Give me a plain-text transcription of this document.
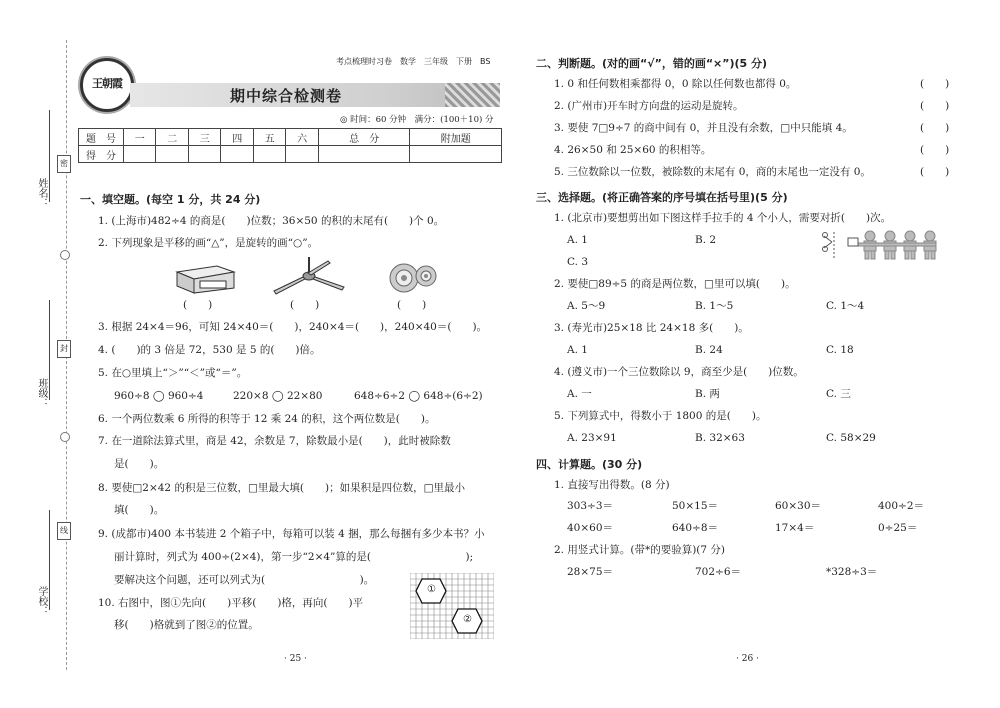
姓名：
班级：
学校：
密
封
线
王朝霞
考点梳理时习卷　数学　三年级　下册　BS
期中综合检测卷
◎ 时间：60 分钟　满分：(100＋10) 分
题　号	一	二	三	四	五	六	总　分	附加题
得　分								
一、填空题。(每空 1 分，共 24 分)
1. (上海市)482÷4 的商是(　　)位数；36×50 的积的末尾有(　　)个 0。
2. 下列现象是平移的画“△”，是旋转的画“○”。
(　　)	(　　)	(　　)
3. 根据 24×4＝96，可知 24×40＝(　　)，240×4＝(　　)，240×40＝(　　)。
4. (　　)的 3 倍是 72，530 是 5 的(　　)倍。
5. 在○里填上“＞”“＜”或“＝”。
960÷8 ◯ 960÷4	220×8 ◯ 22×80	648÷6÷2 ◯ 648÷(6÷2)
6. 一个两位数乘 6 所得的积等于 12 乘 24 的积，这个两位数是(　　)。
7. 在一道除法算式里，商是 42，余数是 7，除数最小是(　　)，此时被除数
是(　　)。
8. 要使□2×42 的积是三位数，□里最大填(　　)；如果积是四位数，□里最小
填(　　)。
9. (成都市)400 本书装进 2 个箱子中，每箱可以装 4 捆，那么每捆有多少本书？小
丽计算时，列式为 400÷(2×4)，第一步“2×4”算的是(　　　　　　　　　);
要解决这个问题，还可以列式为(　　　　　　　　　)。
10. 右图中，图①先向(　　)平移(　　)格，再向(　　)平
移(　　)格就到了图②的位置。
①
②
· 25 ·
二、判断题。(对的画“√”，错的画“×”)(5 分)
1. 0 和任何数相乘都得 0，0 除以任何数也都得 0。
2. (广州市)开车时方向盘的运动是旋转。
3. 要使 7□9÷7 的商中间有 0，并且没有余数，□中只能填 4。
4. 26×50 和 25×60 的积相等。
5. 三位数除以一位数，被除数的末尾有 0，商的末尾也一定没有 0。
(　　)
(　　)
(　　)
(　　)
(　　)
三、选择题。(将正确答案的序号填在括号里)(5 分)
1. (北京市)要想剪出如下图这样手拉手的 4 个小人，需要对折(　　)次。
A. 1	B. 2
C. 3
2. 要使□89÷5 的商是两位数，□里可以填(　　)。
A. 5～9	B. 1～5	C. 1～4
3. (寿光市)25×18 比 24×18 多(　　)。
A. 1	B. 24	C. 18
4. (遵义市)一个三位数除以 9，商至少是(　　)位数。
A. 一	B. 两	C. 三
5. 下列算式中，得数小于 1800 的是(　　)。
A. 23×91	B. 32×63	C. 58×29
四、计算题。(30 分)
1. 直接写出得数。(8 分)
303÷3＝	50×15＝	60×30＝	400÷2＝
40×60＝	640÷8＝	17×4＝	0÷25＝
2. 用竖式计算。(带*的要验算)(7 分)
28×75＝	702÷6＝	*328÷3＝
· 26 ·
